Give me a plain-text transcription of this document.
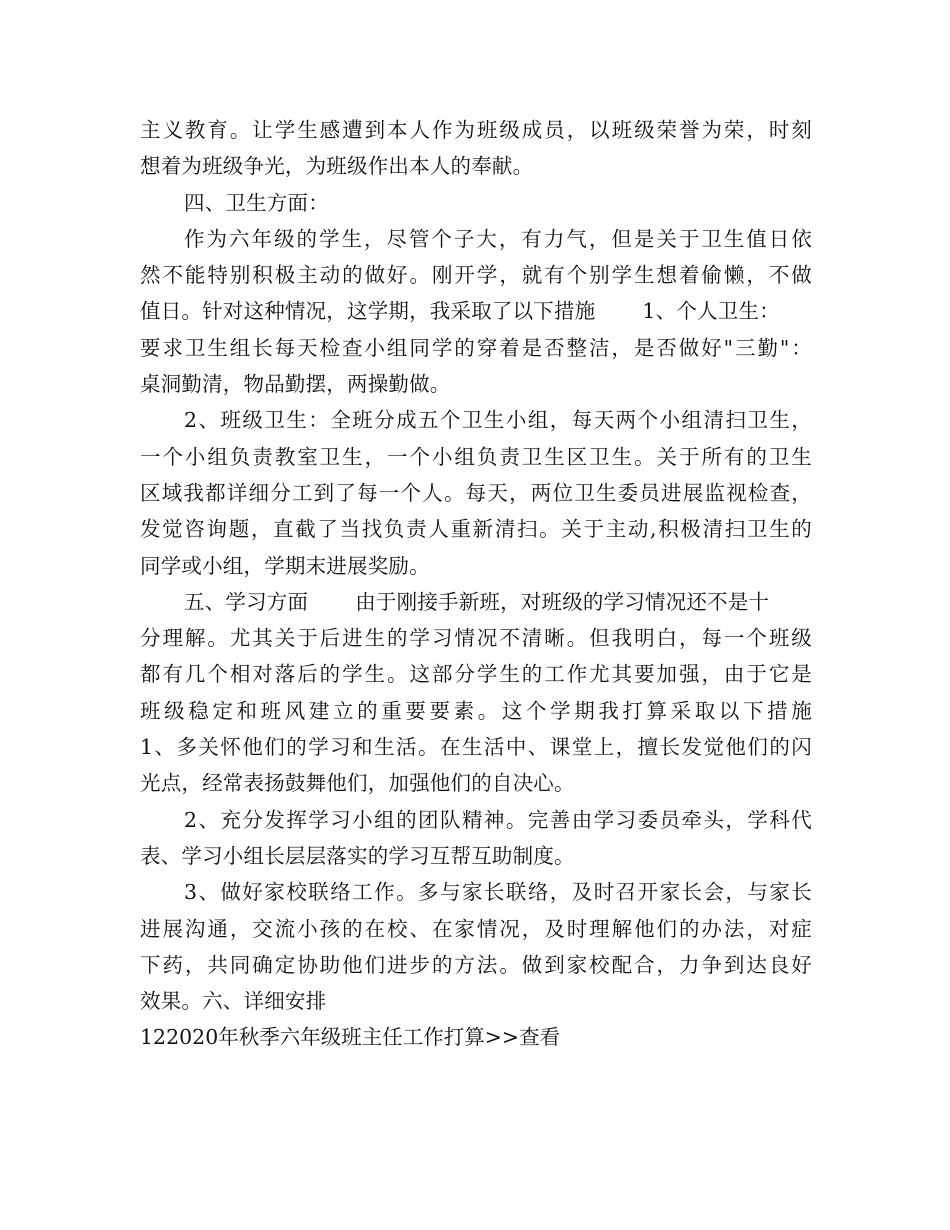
主义教育。让学生感遭到本人作为班级成员，以班级荣誉为荣，时刻
想着为班级争光，为班级作出本人的奉献。
四、卫生方面：
作为六年级的学生，尽管个子大，有力气，但是关于卫生值日依
然不能特别积极主动的做好。刚开学，就有个别学生想着偷懒，不做
值日。针对这种情况，这学期，我采取了以下措施       1、个人卫生：
要求卫生组长每天检查小组同学的穿着是否整洁，是否做好"三勤"：
桌洞勤清，物品勤摆，两操勤做。
2、班级卫生：全班分成五个卫生小组，每天两个小组清扫卫生，
一个小组负责教室卫生，一个小组负责卫生区卫生。关于所有的卫生
区域我都详细分工到了每一个人。每天，两位卫生委员进展监视检查，
发觉咨询题，直截了当找负责人重新清扫。关于主动,积极清扫卫生的
同学或小组，学期末进展奖励。
五、学习方面       由于刚接手新班，对班级的学习情况还不是十
分理解。尤其关于后进生的学习情况不清晰。但我明白，每一个班级
都有几个相对落后的学生。这部分学生的工作尤其要加强，由于它是
班级稳定和班风建立的重要要素。这个学期我打算采取以下措施
1、多关怀他们的学习和生活。在生活中、课堂上，擅长发觉他们的闪
光点，经常表扬鼓舞他们，加强他们的自决心。
2、充分发挥学习小组的团队精神。完善由学习委员牵头，学科代
表、学习小组长层层落实的学习互帮互助制度。
3、做好家校联络工作。多与家长联络，及时召开家长会，与家长
进展沟通，交流小孩的在校、在家情况，及时理解他们的办法，对症
下药，共同确定协助他们进步的方法。做到家校配合，力争到达良好
效果。六、详细安排
122020年秋季六年级班主任工作打算>>查看
